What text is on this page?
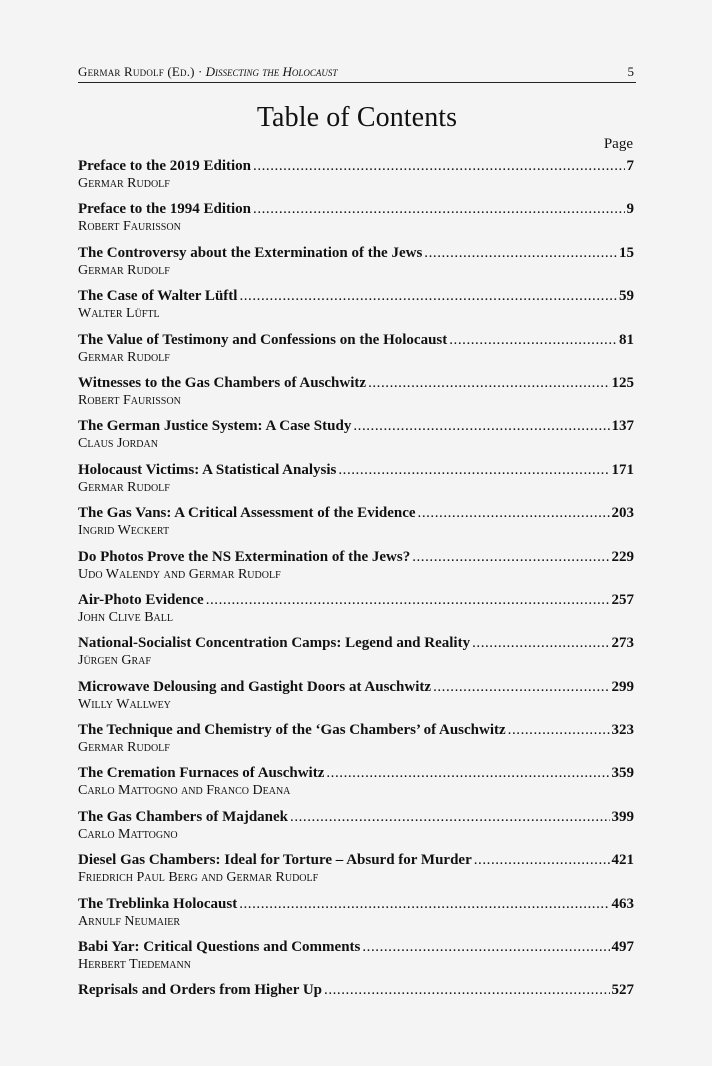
Germar Rudolf (Ed.) · Dissecting the Holocaust	5
Table of Contents
Page
Preface to the 2019 Edition . . .	7
Germar Rudolf
Preface to the 1994 Edition . . .	9
Robert Faurisson
The Controversy about the Extermination of the Jews . . .	15
Germar Rudolf
The Case of Walter Lüftl . . .	59
Walter Lüftl
The Value of Testimony and Confessions on the Holocaust . . .	81
Germar Rudolf
Witnesses to the Gas Chambers of Auschwitz . . .	125
Robert Faurisson
The German Justice System: A Case Study . . .	137
Claus Jordan
Holocaust Victims: A Statistical Analysis . . .	171
Germar Rudolf
The Gas Vans: A Critical Assessment of the Evidence . . .	203
Ingrid Weckert
Do Photos Prove the NS Extermination of the Jews? . . .	229
Udo Walendy and Germar Rudolf
Air-Photo Evidence . . .	257
John Clive Ball
National-Socialist Concentration Camps: Legend and Reality . . .	273
Jürgen Graf
Microwave Delousing and Gastight Doors at Auschwitz . . .	299
Willy Wallwey
The Technique and Chemistry of the ‘Gas Chambers’ of Auschwitz . . .	323
Germar Rudolf
The Cremation Furnaces of Auschwitz . . .	359
Carlo Mattogno and Franco Deana
The Gas Chambers of Majdanek . . .	399
Carlo Mattogno
Diesel Gas Chambers: Ideal for Torture – Absurd for Murder . . .	421
Friedrich Paul Berg and Germar Rudolf
The Treblinka Holocaust . . .	463
Arnulf Neumaier
Babi Yar: Critical Questions and Comments . . .	497
Herbert Tiedemann
Reprisals and Orders from Higher Up . . .	527
